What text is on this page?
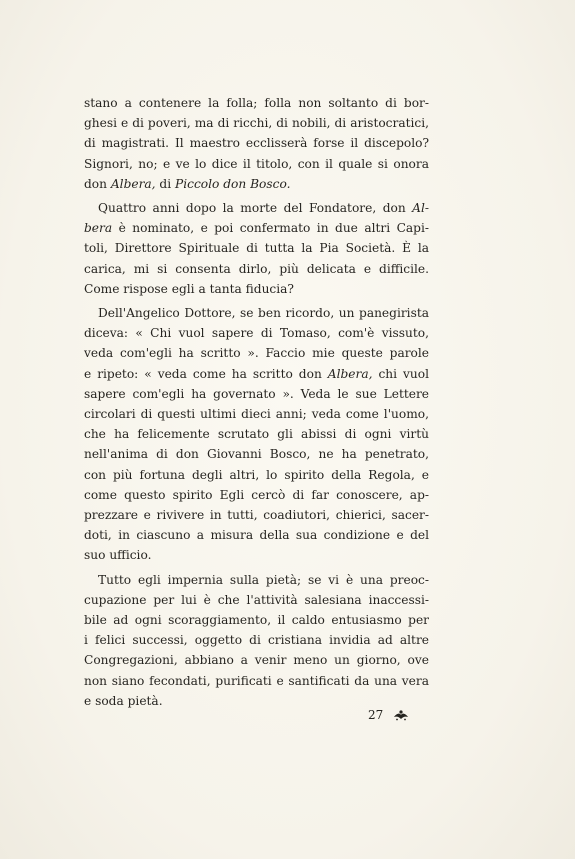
stano a contenere la folla; folla non soltanto di bor-
ghesi e di poveri, ma di ricchi, di nobili, di aristocratici,
di magistrati. Il maestro ecclisserà forse il discepolo?
Signori, no; e ve lo dice il titolo, con il quale si onora
don Albera, di Piccolo don Bosco.
Quattro anni dopo la morte del Fondatore, don Al-
bera è nominato, e poi confermato in due altri Capi-
toli, Direttore Spirituale di tutta la Pia Società. È la
carica, mi si consenta dirlo, più delicata e difficile.
Come rispose egli a tanta fiducia?
Dell'Angelico Dottore, se ben ricordo, un panegirista
diceva: « Chi vuol sapere di Tomaso, com'è vissuto,
veda com'egli ha scritto ». Faccio mie queste parole
e ripeto: « veda come ha scritto don Albera, chi vuol
sapere com'egli ha governato ». Veda le sue Lettere
circolari di questi ultimi dieci anni; veda come l'uomo,
che ha felicemente scrutato gli abissi di ogni virtù
nell'anima di don Giovanni Bosco, ne ha penetrato,
con più fortuna degli altri, lo spirito della Regola, e
come questo spirito Egli cercò di far conoscere, ap-
prezzare e rivivere in tutti, coadiutori, chierici, sacer-
doti, in ciascuno a misura della sua condizione e del
suo ufficio.
Tutto egli impernia sulla pietà; se vi è una preoc-
cupazione per lui è che l'attività salesiana inaccessi-
bile ad ogni scoraggiamento, il caldo entusiasmo per
i felici successi, oggetto di cristiana invidia ad altre
Congregazioni, abbiano a venir meno un giorno, ove
non siano fecondati, purificati e santificati da una vera
e soda pietà.
27
